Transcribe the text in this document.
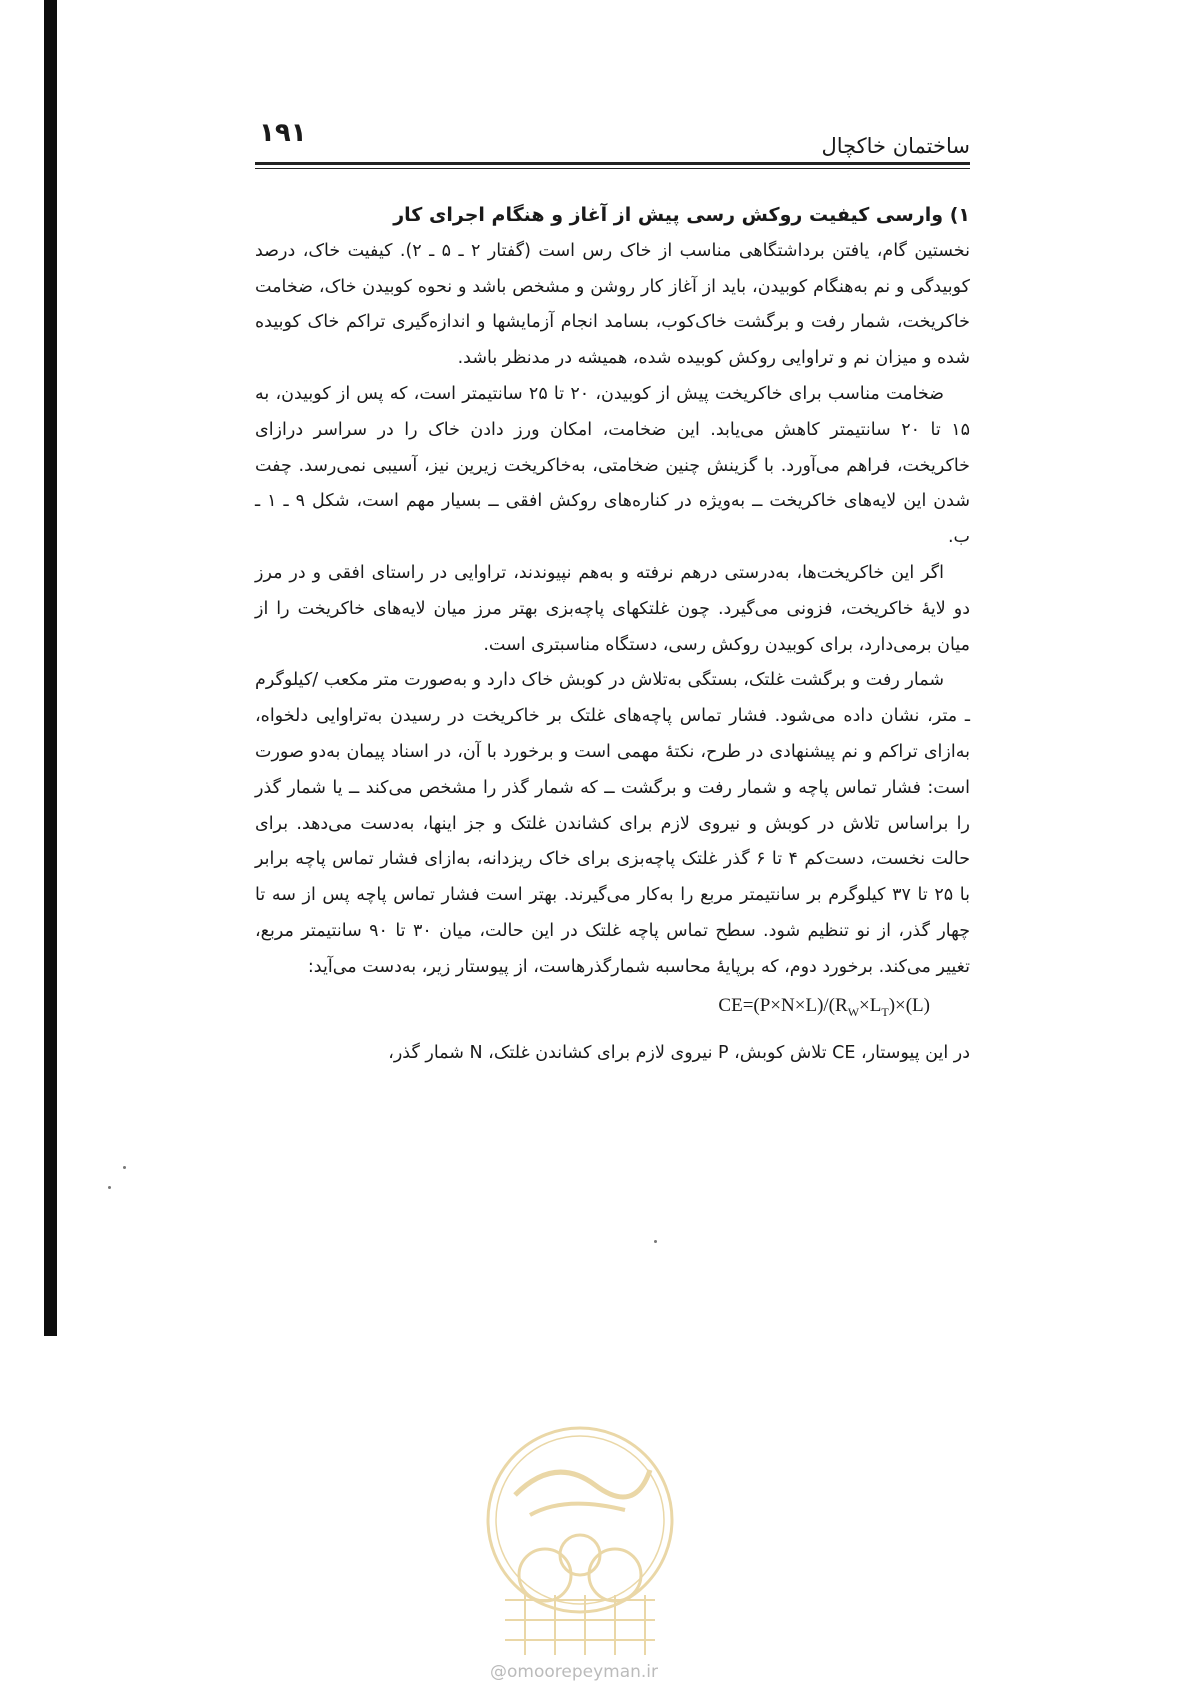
۱۹۱	ساختمان خاکچال

۱) وارسی کیفیت روکش رسی پیش از آغاز و هنگام اجرای کار

نخستین گام، یافتن برداشتگاهی مناسب از خاک رس است (گفتار ۲ ـ ۵ ـ ۲). کیفیت خاک، درصد کوبیدگی و نم به‌هنگام کوبیدن، باید از آغاز کار روشن و مشخص باشد و نحوه کوبیدن خاک، ضخامت خاکریخت، شمار رفت و برگشت خاک‌کوب، بسامد انجام آزمایشها و اندازه‌گیری تراکم خاک کوبیده شده و میزان نم و تراوایی روکش کوبیده شده، همیشه در مدنظر باشد.

ضخامت مناسب برای خاکریخت پیش از کوبیدن، ۲۰ تا ۲۵ سانتیمتر است، که پس از کوبیدن، به ۱۵ تا ۲۰ سانتیمتر کاهش می‌یابد. این ضخامت، امکان ورز دادن خاک را در سراسر درازای خاکریخت، فراهم می‌آورد. با گزینش چنین ضخامتی، به‌خاکریخت زیرین نیز، آسیبی نمی‌رسد. چفت شدن این لایه‌های خاکریخت ــ به‌ویژه در کناره‌های روکش افقی ــ بسیار مهم است، شکل ۹ ـ ۱ ـ ب.

اگر این خاکریخت‌ها، به‌درستی درهم نرفته و به‌هم نپیوندند، تراوایی در راستای افقی و در مرز دو لایهٔ خاکریخت، فزونی می‌گیرد. چون غلتکهای پاچه‌بزی بهتر مرز میان لایه‌های خاکریخت را از میان برمی‌دارد، برای کوبیدن روکش رسی، دستگاه مناسبتری است.

شمار رفت و برگشت غلتک، بستگی به‌تلاش در کوبش خاک دارد و به‌صورت متر مکعب /کیلوگرم ـ متر، نشان داده می‌شود. فشار تماس پاچه‌های غلتک بر خاکریخت در رسیدن به‌تراوایی دلخواه، به‌ازای تراکم و نم پیشنهادی در طرح، نکتهٔ مهمی است و برخورد با آن، در اسناد پیمان به‌دو صورت است: فشار تماس پاچه و شمار رفت و برگشت ــ که شمار گذر را مشخص می‌کند ــ یا شمار گذر را براساس تلاش در کوبش و نیروی لازم برای کشاندن غلتک و جز اینها، به‌دست می‌دهد. برای حالت نخست، دست‌کم ۴ تا ۶ گذر غلتک پاچه‌بزی برای خاک ریزدانه، به‌ازای فشار تماس پاچه برابر با ۲۵ تا ۳۷ کیلوگرم بر سانتیمتر مربع را به‌کار می‌گیرند. بهتر است فشار تماس پاچه پس از سه تا چهار گذر، از نو تنظیم شود. سطح تماس پاچه غلتک در این حالت، میان ۳۰ تا ۹۰ سانتیمتر مربع، تغییر می‌کند. برخورد دوم، که برپایهٔ محاسبه شمارگذرهاست، از پیوستار زیر، به‌دست می‌آید:

$CE=(P\times N\times L)/(R_W\times L_T)\times(L)$

در این پیوستار، CE تلاش کوبش، P نیروی لازم برای کشاندن غلتک، N شمار گذر،

@omoorepeyman.ir
